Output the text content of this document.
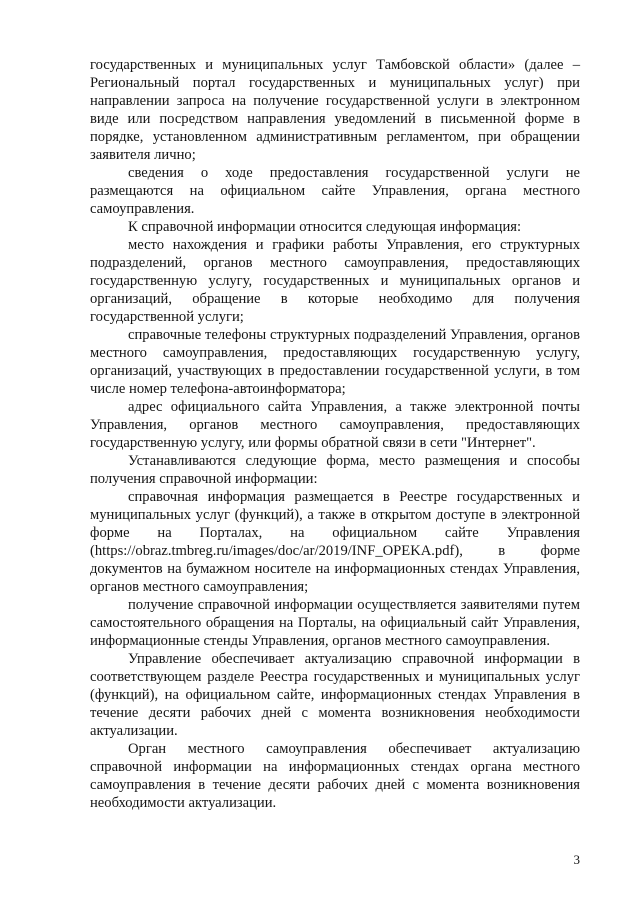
государственных и муниципальных услуг Тамбовской области» (далее – Региональный портал государственных и муниципальных услуг) при направлении запроса на получение государственной услуги в электронном виде или посредством направления уведомлений в письменной форме в порядке, установленном административным регламентом, при обращении заявителя лично;

сведения о ходе предоставления государственной услуги не размещаются на официальном сайте Управления, органа местного самоуправления.

К справочной информации относится следующая информация:

место нахождения и графики работы Управления, его структурных подразделений, органов местного самоуправления, предоставляющих государственную услугу, государственных и муниципальных органов и организаций, обращение в которые необходимо для получения государственной услуги;

справочные телефоны структурных подразделений Управления, органов местного самоуправления, предоставляющих государственную услугу, организаций, участвующих в предоставлении государственной услуги, в том числе номер телефона-автоинформатора;

адрес официального сайта Управления, а также электронной почты Управления, органов местного самоуправления, предоставляющих государственную услугу, или формы обратной связи в сети "Интернет".

Устанавливаются следующие форма, место размещения и способы получения справочной информации:

справочная информация размещается в Реестре государственных и муниципальных услуг (функций), а также в открытом доступе в электронной форме на Порталах, на официальном сайте Управления (https://obraz.tmbreg.ru/images/doc/ar/2019/INF_OPEKA.pdf), в форме документов на бумажном носителе на информационных стендах Управления, органов местного самоуправления;

получение справочной информации осуществляется заявителями путем самостоятельного обращения на Порталы, на официальный сайт Управления, информационные стенды Управления, органов местного самоуправления.

Управление обеспечивает актуализацию справочной информации в соответствующем разделе Реестра государственных и муниципальных услуг (функций), на официальном сайте, информационных стендах Управления в течение десяти рабочих дней с момента возникновения необходимости актуализации.

Орган местного самоуправления обеспечивает актуализацию справочной информации на информационных стендах органа местного самоуправления в течение десяти рабочих дней с момента возникновения необходимости актуализации.

3
